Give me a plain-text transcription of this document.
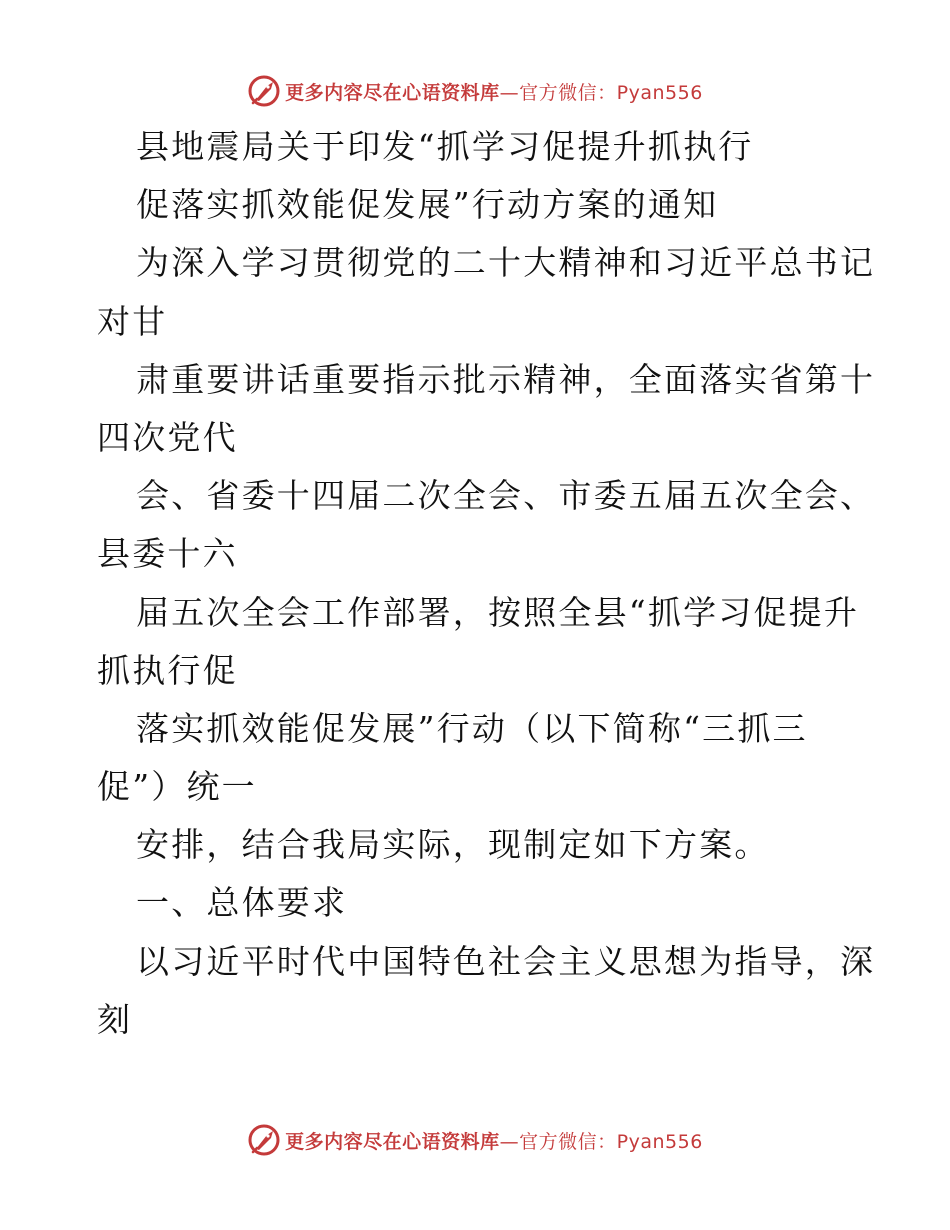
更多内容尽在心语资料库—官方微信：Pyan556
县地震局关于印发“抓学习促提升抓执行
促落实抓效能促发展”行动方案的通知
为深入学习贯彻党的二十大精神和习近平总书记
对甘
肃重要讲话重要指示批示精神，全面落实省第十
四次党代
会、省委十四届二次全会、市委五届五次全会、
县委十六
届五次全会工作部署，按照全县“抓学习促提升
抓执行促
落实抓效能促发展”行动（以下简称“三抓三
促”）统一
安排，结合我局实际，现制定如下方案。
一、总体要求
以习近平时代中国特色社会主义思想为指导，深
刻
更多内容尽在心语资料库—官方微信：Pyan556
